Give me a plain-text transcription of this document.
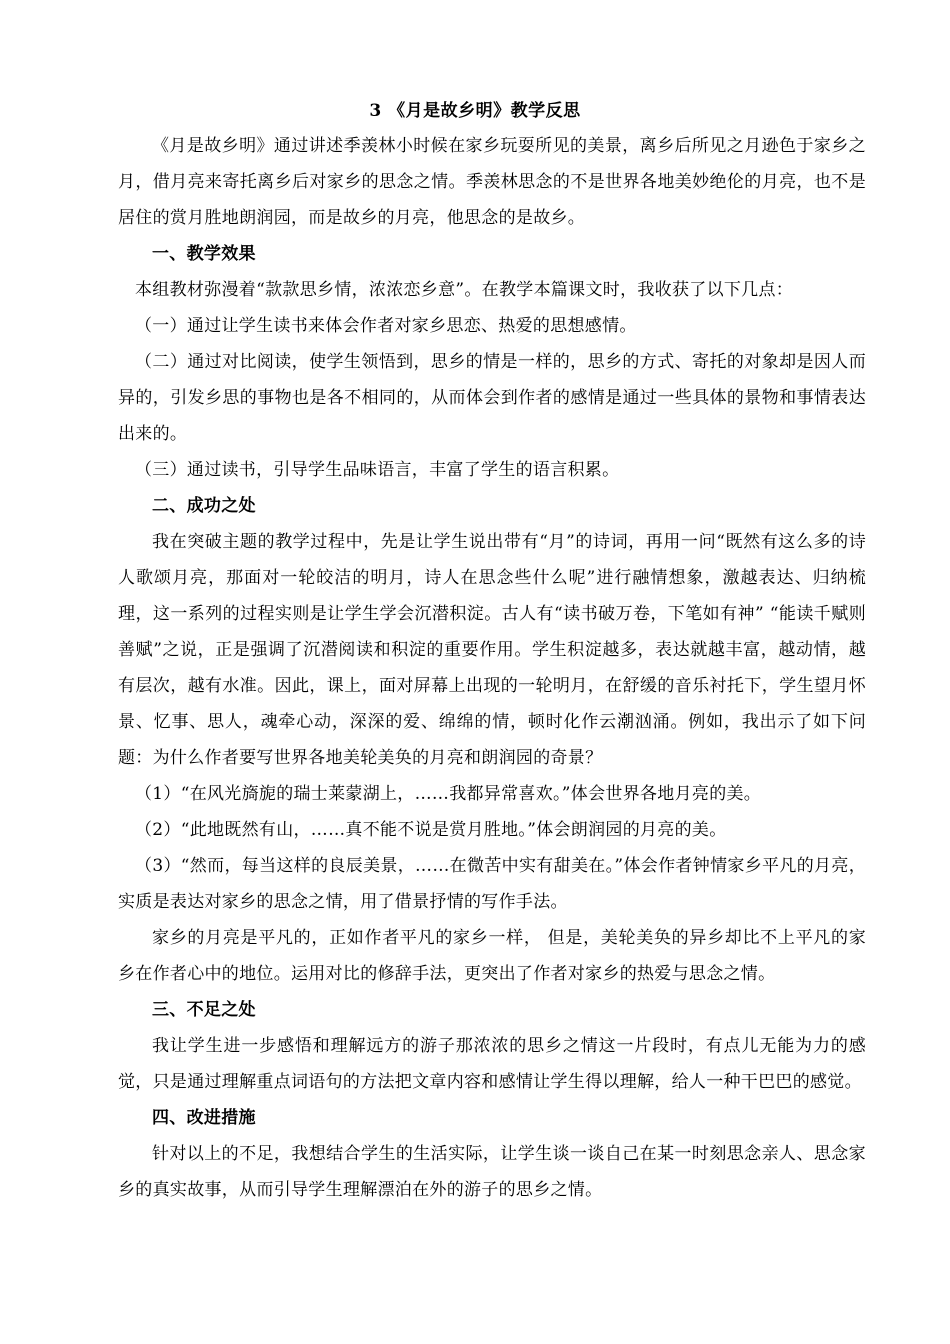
3 《月是故乡明》教学反思

《月是故乡明》通过讲述季羡林小时候在家乡玩耍所见的美景，离乡后所见之月逊色于家乡之月，借月亮来寄托离乡后对家乡的思念之情。季羡林思念的不是世界各地美妙绝伦的月亮，也不是居住的赏月胜地朗润园，而是故乡的月亮，他思念的是故乡。

一、教学效果

本组教材弥漫着“款款思乡情，浓浓恋乡意”。在教学本篇课文时，我收获了以下几点：

（一）通过让学生读书来体会作者对家乡思恋、热爱的思想感情。

（二）通过对比阅读，使学生领悟到，思乡的情是一样的，思乡的方式、寄托的对象却是因人而异的，引发乡思的事物也是各不相同的，从而体会到作者的感情是通过一些具体的景物和事情表达出来的。

（三）通过读书，引导学生品味语言，丰富了学生的语言积累。

二、成功之处

我在突破主题的教学过程中，先是让学生说出带有“月”的诗词，再用一问“既然有这么多的诗人歌颂月亮，那面对一轮皎洁的明月，诗人在思念些什么呢”进行融情想象，激越表达、归纳梳理，这一系列的过程实则是让学生学会沉潜积淀。古人有“读书破万卷，下笔如有神” “能读千赋则善赋”之说，正是强调了沉潜阅读和积淀的重要作用。学生积淀越多，表达就越丰富，越动情，越有层次，越有水准。因此，课上，面对屏幕上出现的一轮明月，在舒缓的音乐衬托下，学生望月怀景、忆事、思人，魂牵心动，深深的爱、绵绵的情，顿时化作云潮汹涌。例如，我出示了如下问题：为什么作者要写世界各地美轮美奂的月亮和朗润园的奇景？

（1）“在风光旖旎的瑞士莱蒙湖上，……我都异常喜欢。”体会世界各地月亮的美。

（2）“此地既然有山，……真不能不说是赏月胜地。”体会朗润园的月亮的美。

（3）“然而，每当这样的良辰美景，……在微苦中实有甜美在。”体会作者钟情家乡平凡的月亮，实质是表达对家乡的思念之情，用了借景抒情的写作手法。

家乡的月亮是平凡的，正如作者平凡的家乡一样， 但是，美轮美奂的异乡却比不上平凡的家乡在作者心中的地位。运用对比的修辞手法，更突出了作者对家乡的热爱与思念之情。

三、不足之处

我让学生进一步感悟和理解远方的游子那浓浓的思乡之情这一片段时，有点儿无能为力的感觉，只是通过理解重点词语句的方法把文章内容和感情让学生得以理解，给人一种干巴巴的感觉。

四、改进措施

针对以上的不足，我想结合学生的生活实际，让学生谈一谈自己在某一时刻思念亲人、思念家乡的真实故事，从而引导学生理解漂泊在外的游子的思乡之情。
